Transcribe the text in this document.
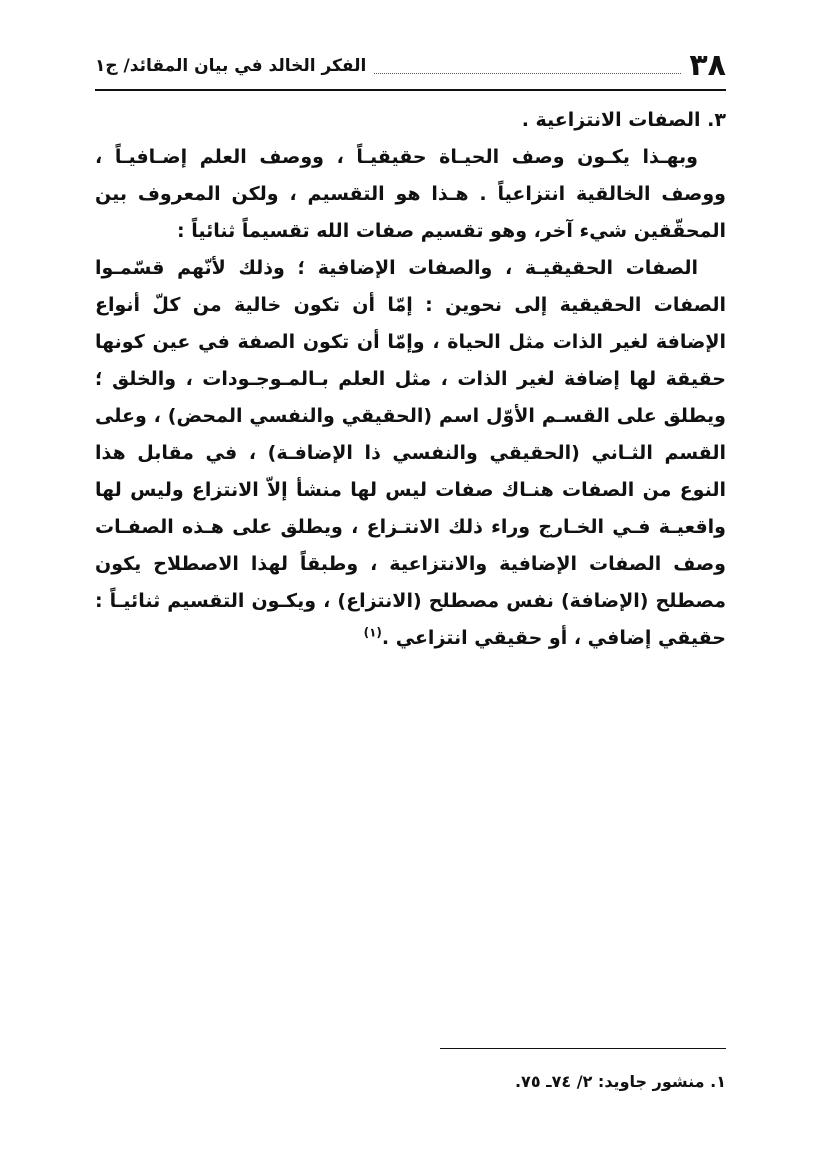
٣٨
الفكر الخالد في بيان المقائد/ ج١

٣. الصفات الانتزاعية .

وبهـذا يكـون وصف الحيـاة حقيقيـاً ، ووصف العلم إضـافيـاً ، ووصف الخالقية انتزاعياً . هـذا هو التقسيم ، ولكن المعروف بين المحقّقين شيء آخر، وهو تقسيم صفات الله تقسيماً ثنائياً :

الصفات الحقيقيـة ، والصفات الإضافية ؛ وذلك لأنّهم قسّمـوا الصفات الحقيقية إلى نحوين : إمّا أن تكون خالية من كلّ أنواع الإضافة لغير الذات مثل الحياة ، وإمّا أن تكون الصفة في عين كونها حقيقة لها إضافة لغير الذات ، مثل العلم بـالمـوجـودات ، والخلق ؛ ويطلق على القسـم الأوّل اسم (الحقيقي والنفسي المحض) ، وعلى القسم الثـاني (الحقيقي والنفسي ذا الإضافـة) ، في مقابل هذا النوع من الصفات هنـاك صفات ليس لها منشأ إلاّ الانتزاع وليس لها واقعيـة فـي الخـارج وراء ذلك الانتـزاع ، ويطلق على هـذه الصفـات وصف الصفات الإضافية والانتزاعية ، وطبقاً لهذا الاصطلاح يكون مصطلح (الإضافة) نفس مصطلح (الانتزاع) ، ويكـون التقسيم ثنائيـاً : حقيقي إضافي ، أو حقيقي انتزاعي .$^{(١)}$

١. منشور جاويد: ٢/ ٧٤ـ ٧٥.
